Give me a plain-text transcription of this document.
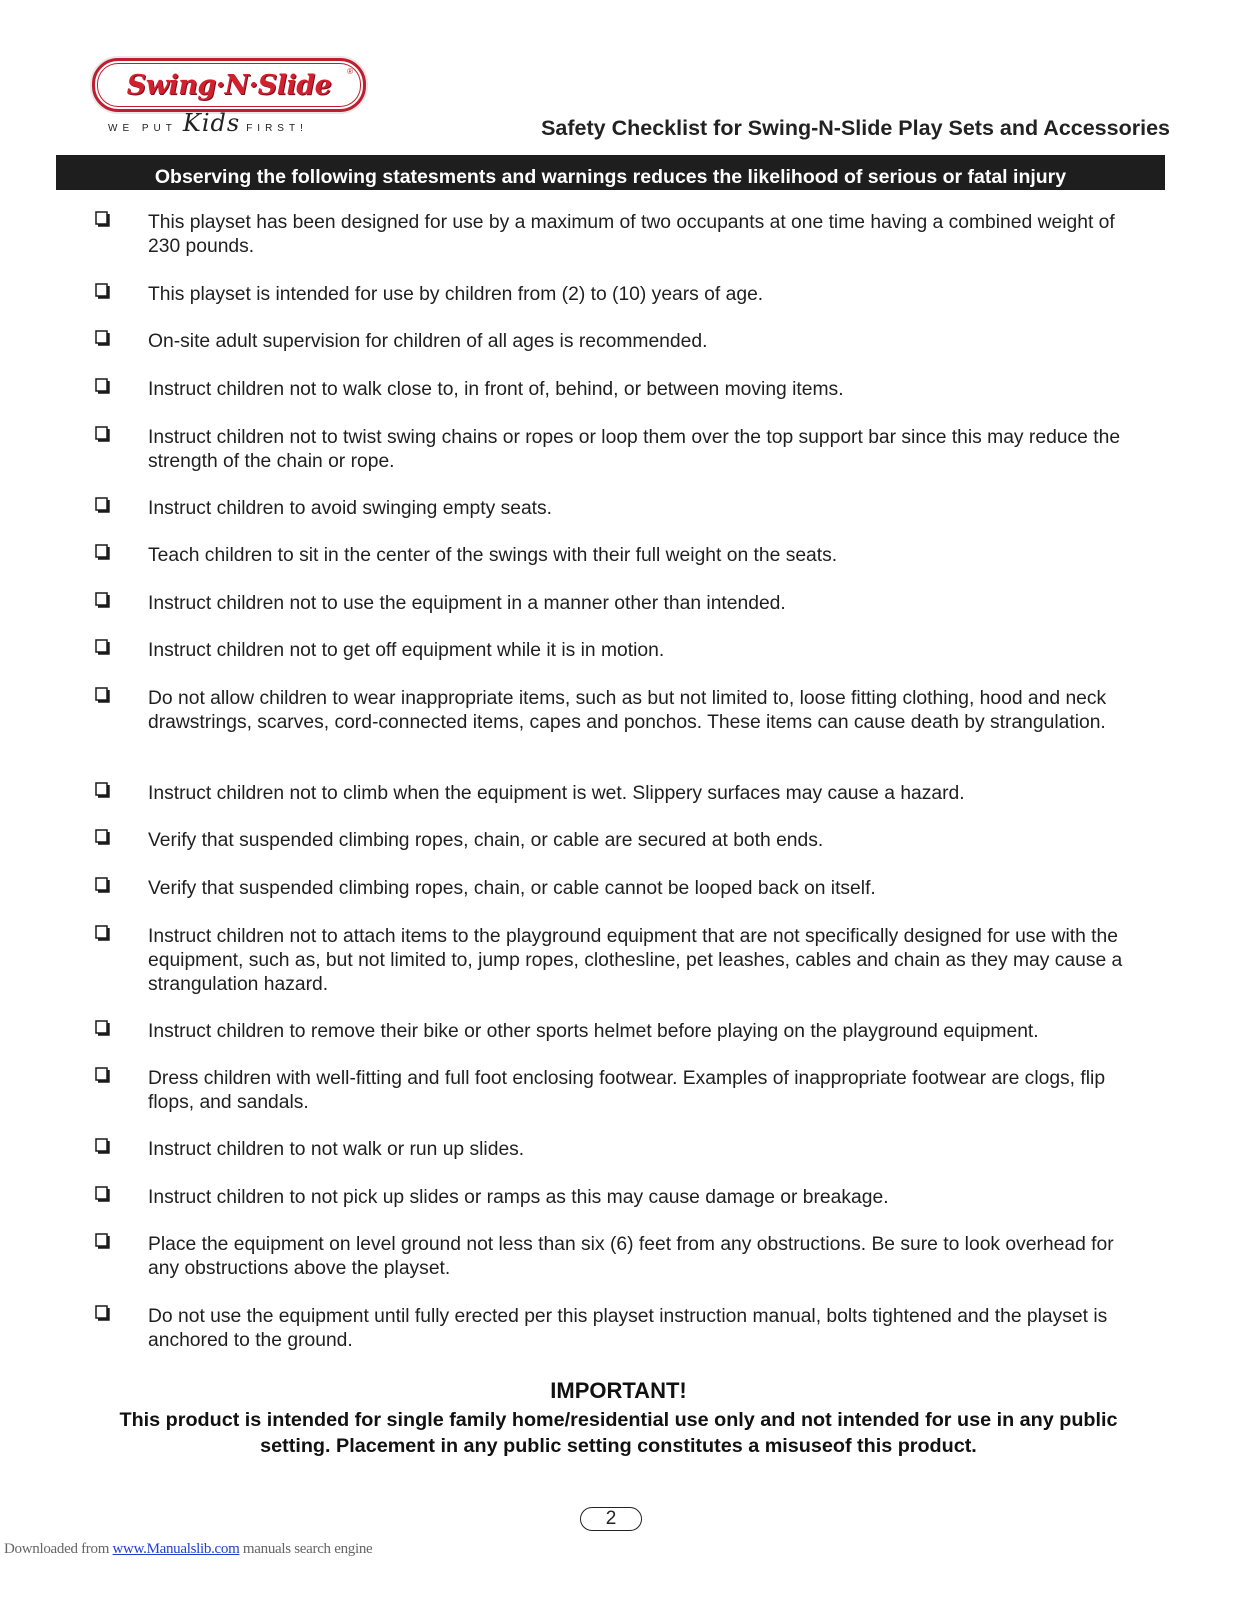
Swing·N·Slide ®
WE PUT Kids FIRST!	Safety Checklist for Swing-N-Slide Play Sets and Accessories
Observing the following statesments and warnings reduces the likelihood of serious or fatal injury
This playset has been designed for use by a maximum of two occupants at one time having a combined weight of 230 pounds.
This playset is intended for use by children from (2) to (10) years of age.
On-site adult supervision for children of all ages is recommended.
Instruct children not to walk close to, in front of, behind, or between moving items.
Instruct children not to twist swing chains or ropes or loop them over the top support bar since this may reduce the strength of the chain or rope.
Instruct children to avoid swinging empty seats.
Teach children to sit in the center of the swings with their full weight on the seats.
Instruct children not to use the equipment in a manner other than intended.
Instruct children not to get off equipment while it is in motion.
Do not allow children to wear inappropriate items, such as but not limited to, loose fitting clothing, hood and neck drawstrings, scarves, cord-connected items, capes and ponchos. These items can cause death by strangulation.
Instruct children not to climb when the equipment is wet. Slippery surfaces may cause a hazard.
Verify that suspended climbing ropes, chain, or cable are secured at both ends.
Verify that suspended climbing ropes, chain, or cable cannot be looped back on itself.
Instruct children not to attach items to the playground equipment that are not specifically designed for use with the equipment, such as, but not limited to, jump ropes, clothesline, pet leashes, cables and chain as they may cause a strangulation hazard.
Instruct children to remove their bike or other sports helmet before playing on the playground equipment.
Dress children with well-fitting and full foot enclosing footwear. Examples of inappropriate footwear are clogs, flip flops, and sandals.
Instruct children to not walk or run up slides.
Instruct children to not pick up slides or ramps as this may cause damage or breakage.
Place the equipment on level ground not less than six (6) feet from any obstructions. Be sure to look overhead for any obstructions above the playset.
Do not use the equipment until fully erected per this playset instruction manual, bolts tightened and the playset is anchored to the ground.
IMPORTANT!

This product is intended for single family home/residential use only and not intended for use in any public setting. Placement in any public setting constitutes a misuseof this product.

2
Downloaded from www.Manualslib.com manuals search engine
